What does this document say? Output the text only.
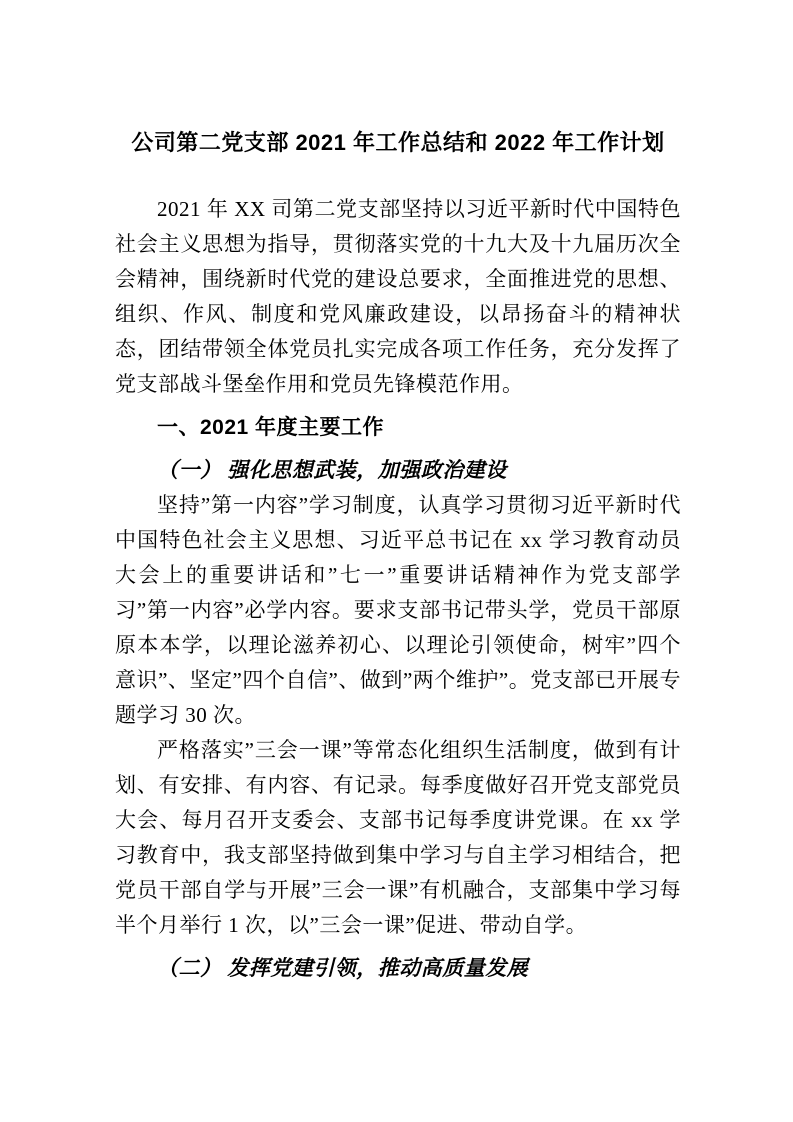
公司第二党支部 2021 年工作总结和 2022 年工作计划

2021 年 XX 司第二党支部坚持以习近平新时代中国特色社会主义思想为指导，贯彻落实党的十九大及十九届历次全会精神，围绕新时代党的建设总要求，全面推进党的思想、组织、作风、制度和党风廉政建设，以昂扬奋斗的精神状态，团结带领全体党员扎实完成各项工作任务，充分发挥了党支部战斗堡垒作用和党员先锋模范作用。

一、2021 年度主要工作

（一） 强化思想武装，加强政治建设

坚持”第一内容”学习制度，认真学习贯彻习近平新时代中国特色社会主义思想、习近平总书记在 xx 学习教育动员大会上的重要讲话和”七一”重要讲话精神作为党支部学习”第一内容”必学内容。要求支部书记带头学，党员干部原原本本学，以理论滋养初心、以理论引领使命，树牢”四个意识”、坚定”四个自信”、做到”两个维护”。党支部已开展专题学习 30 次。

严格落实”三会一课”等常态化组织生活制度，做到有计划、有安排、有内容、有记录。每季度做好召开党支部党员大会、每月召开支委会、支部书记每季度讲党课。在 xx 学习教育中，我支部坚持做到集中学习与自主学习相结合，把党员干部自学与开展”三会一课”有机融合，支部集中学习每半个月举行 1 次，以”三会一课”促进、带动自学。

（二） 发挥党建引领，推动高质量发展
